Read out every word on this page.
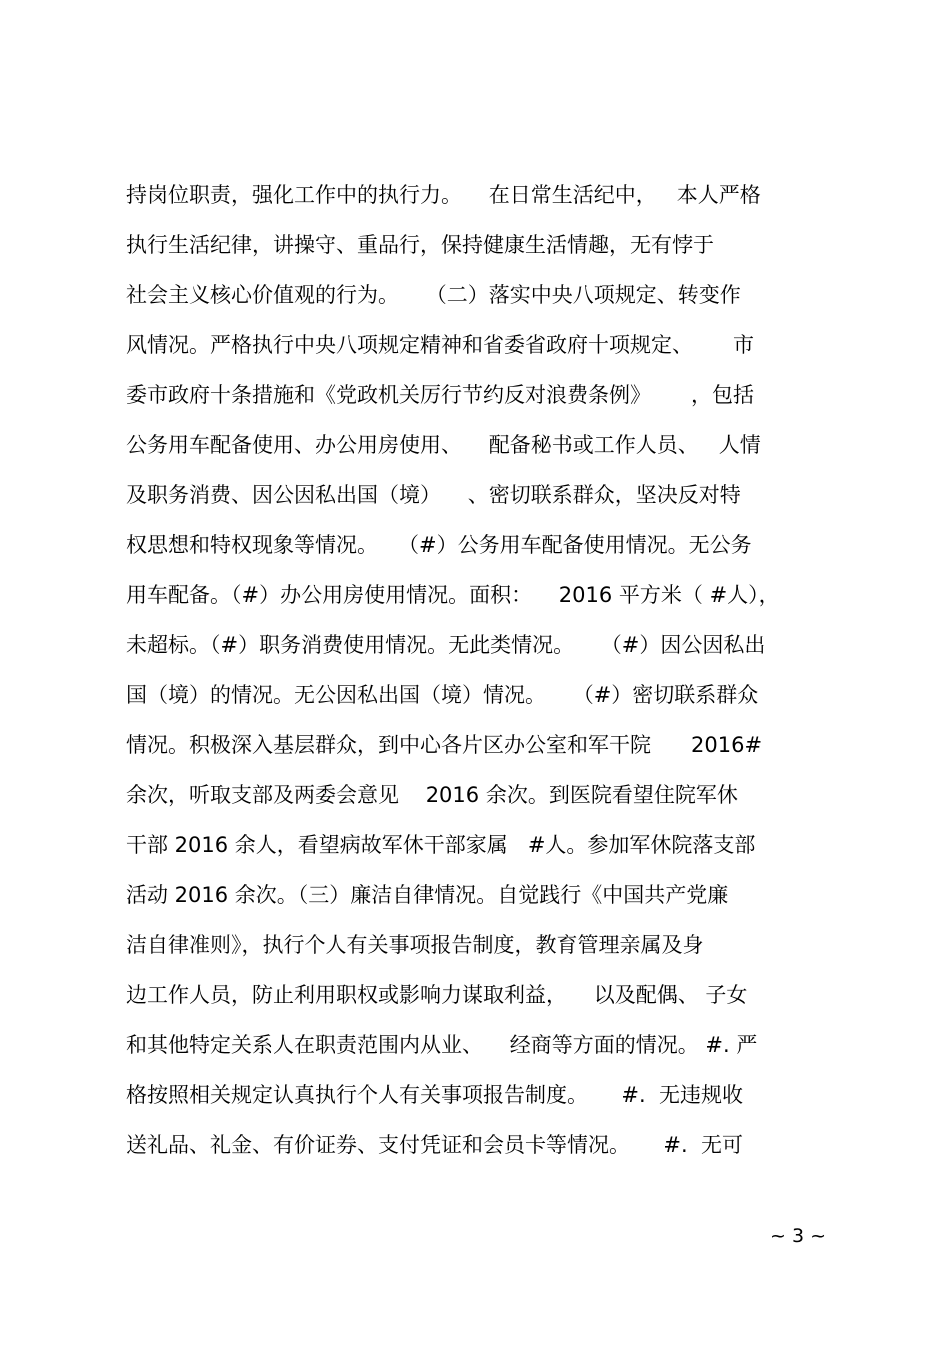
持岗位职责，强化工作中的执行力。    在日常生活纪中，   本人严格
执行生活纪律，讲操守、重品行，保持健康生活情趣，无有悖于
社会主义核心价值观的行为。    （二）落实中央八项规定、转变作
风情况。严格执行中央八项规定精神和省委省政府十项规定、      市
委市政府十条措施和《党政机关厉行节约反对浪费条例》      ，包括
公务用车配备使用、办公用房使用、    配备秘书或工作人员、   人情
及职务消费、因公因私出国（境）    、密切联系群众，坚决反对特
权思想和特权现象等情况。   （#）公务用车配备使用情况。无公务
用车配备。（#）办公用房使用情况。面积：    2016 平方米（ #人），
未超标。（#）职务消费使用情况。无此类情况。    （#）因公因私出
国（境）的情况。无公因私出国（境）情况。    （#）密切联系群众
情况。积极深入基层群众，到中心各片区办公室和军干院      2016#
余次，听取支部及两委会意见    2016 余次。到医院看望住院军休
干部 2016 余人，看望病故军休干部家属   #人。参加军休院落支部
活动 2016 余次。（三）廉洁自律情况。自觉践行《中国共产党廉
洁自律准则》，执行个人有关事项报告制度，教育管理亲属及身
边工作人员，防止利用职权或影响力谋取利益，    以及配偶、 子女
和其他特定关系人在职责范围内从业、    经商等方面的情况。 #. 严
格按照相关规定认真执行个人有关事项报告制度。     #.  无违规收
送礼品、礼金、有价证券、支付凭证和会员卡等情况。     #.  无可
~ 3 ~
